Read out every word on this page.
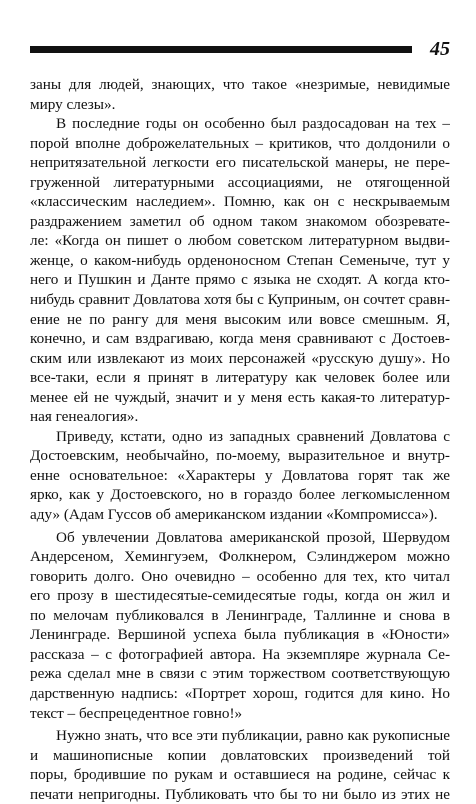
45
заны для людей, знающих, что такое «незримые, невидимые
миру слезы».
В последние годы он особенно был раздосадован на тех –
порой вполне доброжелательных – критиков, что долдонили о
непритязательной легкости его писательской манеры, не пере-
груженной литературными ассоциациями, не отягощенной
«классическим наследием». Помню, как он с нескрываемым
раздражением заметил об одном таком знакомом обозревате-
ле: «Когда он пишет о любом советском литературном выдви-
женце, о каком-нибудь орденоносном Степан Семеныче, тут у
него и Пушкин и Данте прямо с языка не сходят. А когда кто-
нибудь сравнит Довлатова хотя бы с Куприным, он сочтет сравн-
ение не по рангу для меня высоким или вовсе смешным. Я,
конечно, и сам вздрагиваю, когда меня сравнивают с Достоев-
ским или извлекают из моих персонажей «русскую душу». Но
все-таки, если я принят в литературу как человек более или
менее ей не чуждый, значит и у меня есть какая-то литератур-
ная генеалогия».
Приведу, кстати, одно из западных сравнений Довлатова с
Достоевским, необычайно, по-моему, выразительное и внутр-
енне основательное: «Характеры у Довлатова горят так же
ярко, как у Достоевского, но в гораздо более легкомысленном
аду» (Адам Гуссов об американском издании «Компромисса»).
Об увлечении Довлатова американской прозой, Шервудом
Андерсеном, Хемингуэем, Фолкнером, Сэлинджером можно
говорить долго. Оно очевидно – особенно для тех, кто читал
его прозу в шестидесятые-семидесятые годы, когда он жил и
по мелочам публиковался в Ленинграде, Таллинне и снова в
Ленинграде. Вершиной успеха была публикация в «Юности»
рассказа – с фотографией автора. На экземпляре журнала Се-
режа сделал мне в связи с этим торжеством соответствующую
дарственную надпись: «Портрет хорош, годится для кино. Но
текст – беспрецедентное говно!»
Нужно знать, что все эти публикации, равно как рукописные
и машинописные копии довлатовских произведений той
поры, бродившие по рукам и оставшиеся на родине, сейчас к
печати непригодны. Публиковать что бы то ни было из этих не
